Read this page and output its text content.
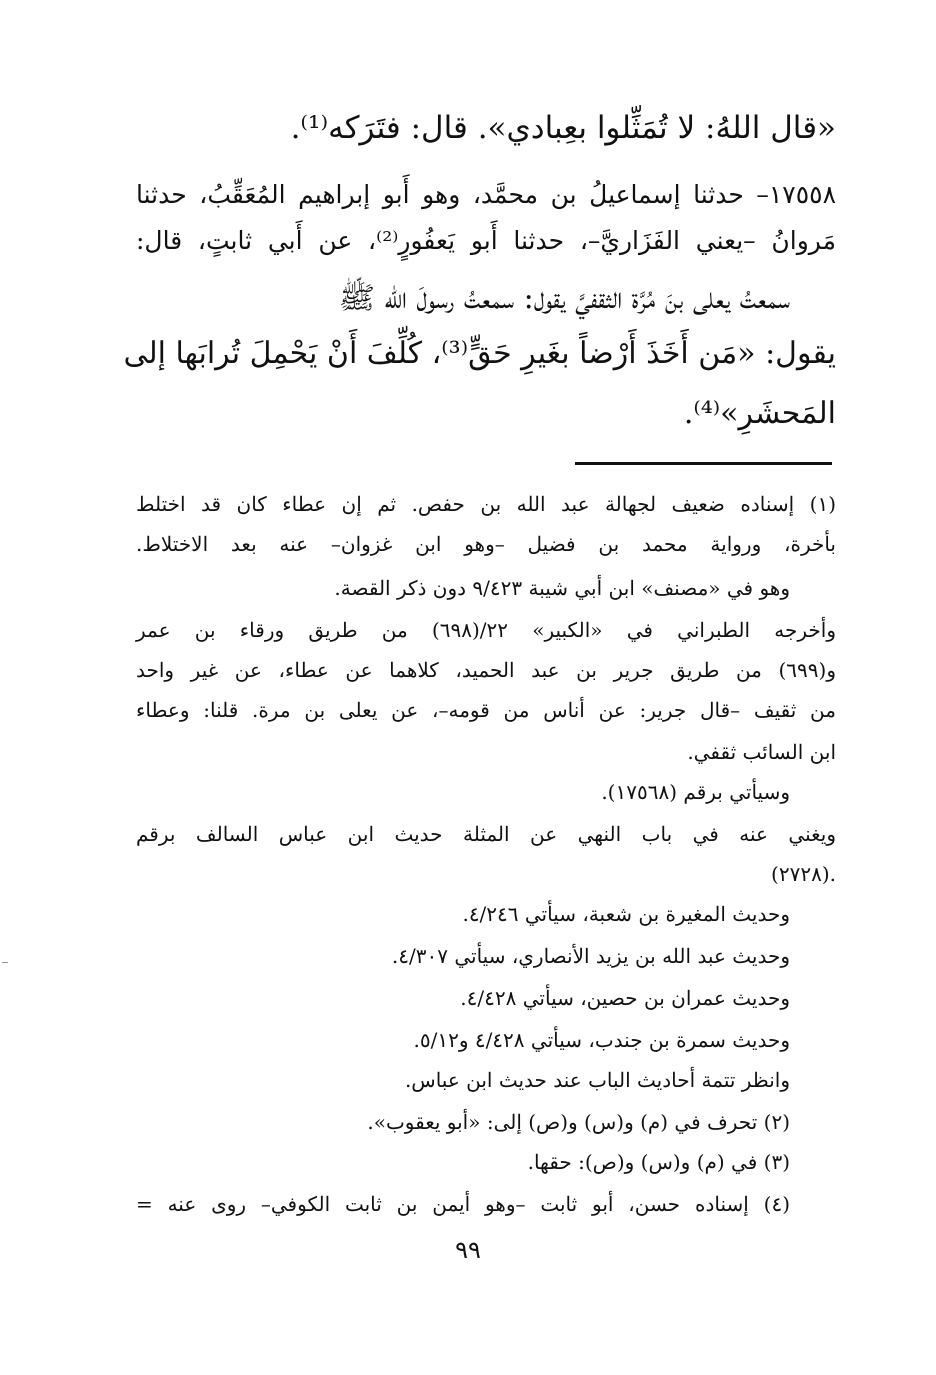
«قال اللهُ: لا تُمَثِّلوا بعِبادي». قال: فتَرَكه⁽¹⁾.
١٧٥٥٨– حدثنا إسماعيلُ بن محمَّد، وهو أَبو إبراهيم المُعَقِّبُ، حدثنا
مَروانُ –يعني الفَزَاريَّ–، حدثنا أَبو يَعفُورٍ⁽²⁾، عن أَبي ثابتٍ، قال:
سمعتُ يعلى بنَ مُرَّة الثقفيَّ يقول: سمعتُ رسولَ الله ﷺ
يقول: «مَن أَخَذَ أَرْضاً بغَيرِ حَقٍّ⁽³⁾، كُلِّفَ أَنْ يَحْمِلَ تُرابَها إلى
المَحشَرِ»⁽⁴⁾.
(١) إسناده ضعيف لجهالة عبد الله بن حفص. ثم إن عطاء كان قد اختلط
بأخرة، ورواية محمد بن فضيل –وهو ابن غزوان– عنه بعد الاختلاط.
وهو في «مصنف» ابن أبي شيبة ٩/٤٢٣ دون ذكر القصة.
وأخرجه الطبراني في «الكبير» ٢٢/(٦٩٨) من طريق ورقاء بن عمر
و(٦٩٩) من طريق جرير بن عبد الحميد، كلاهما عن عطاء، عن غير واحد
من ثقيف –قال جرير: عن أناس من قومه–، عن يعلى بن مرة. قلنا: وعطاء
ابن السائب ثقفي.
وسيأتي برقم (١٧٥٦٨).
ويغني عنه في باب النهي عن المثلة حديث ابن عباس السالف برقم
(٢٧٢٨).
وحديث المغيرة بن شعبة، سيأتي ٤/٢٤٦.
وحديث عبد الله بن يزيد الأنصاري، سيأتي ٤/٣٠٧.
وحديث عمران بن حصين، سيأتي ٤/٤٢٨.
وحديث سمرة بن جندب، سيأتي ٤/٤٢٨ و٥/١٢.
وانظر تتمة أحاديث الباب عند حديث ابن عباس.
(٢) تحرف في (م) و(س) و(ص) إلى: «أبو يعقوب».
(٣) في (م) و(س) و(ص): حقها.
(٤) إسناده حسن، أبو ثابت –وهو أيمن بن ثابت الكوفي– روى عنه =
٩٩
